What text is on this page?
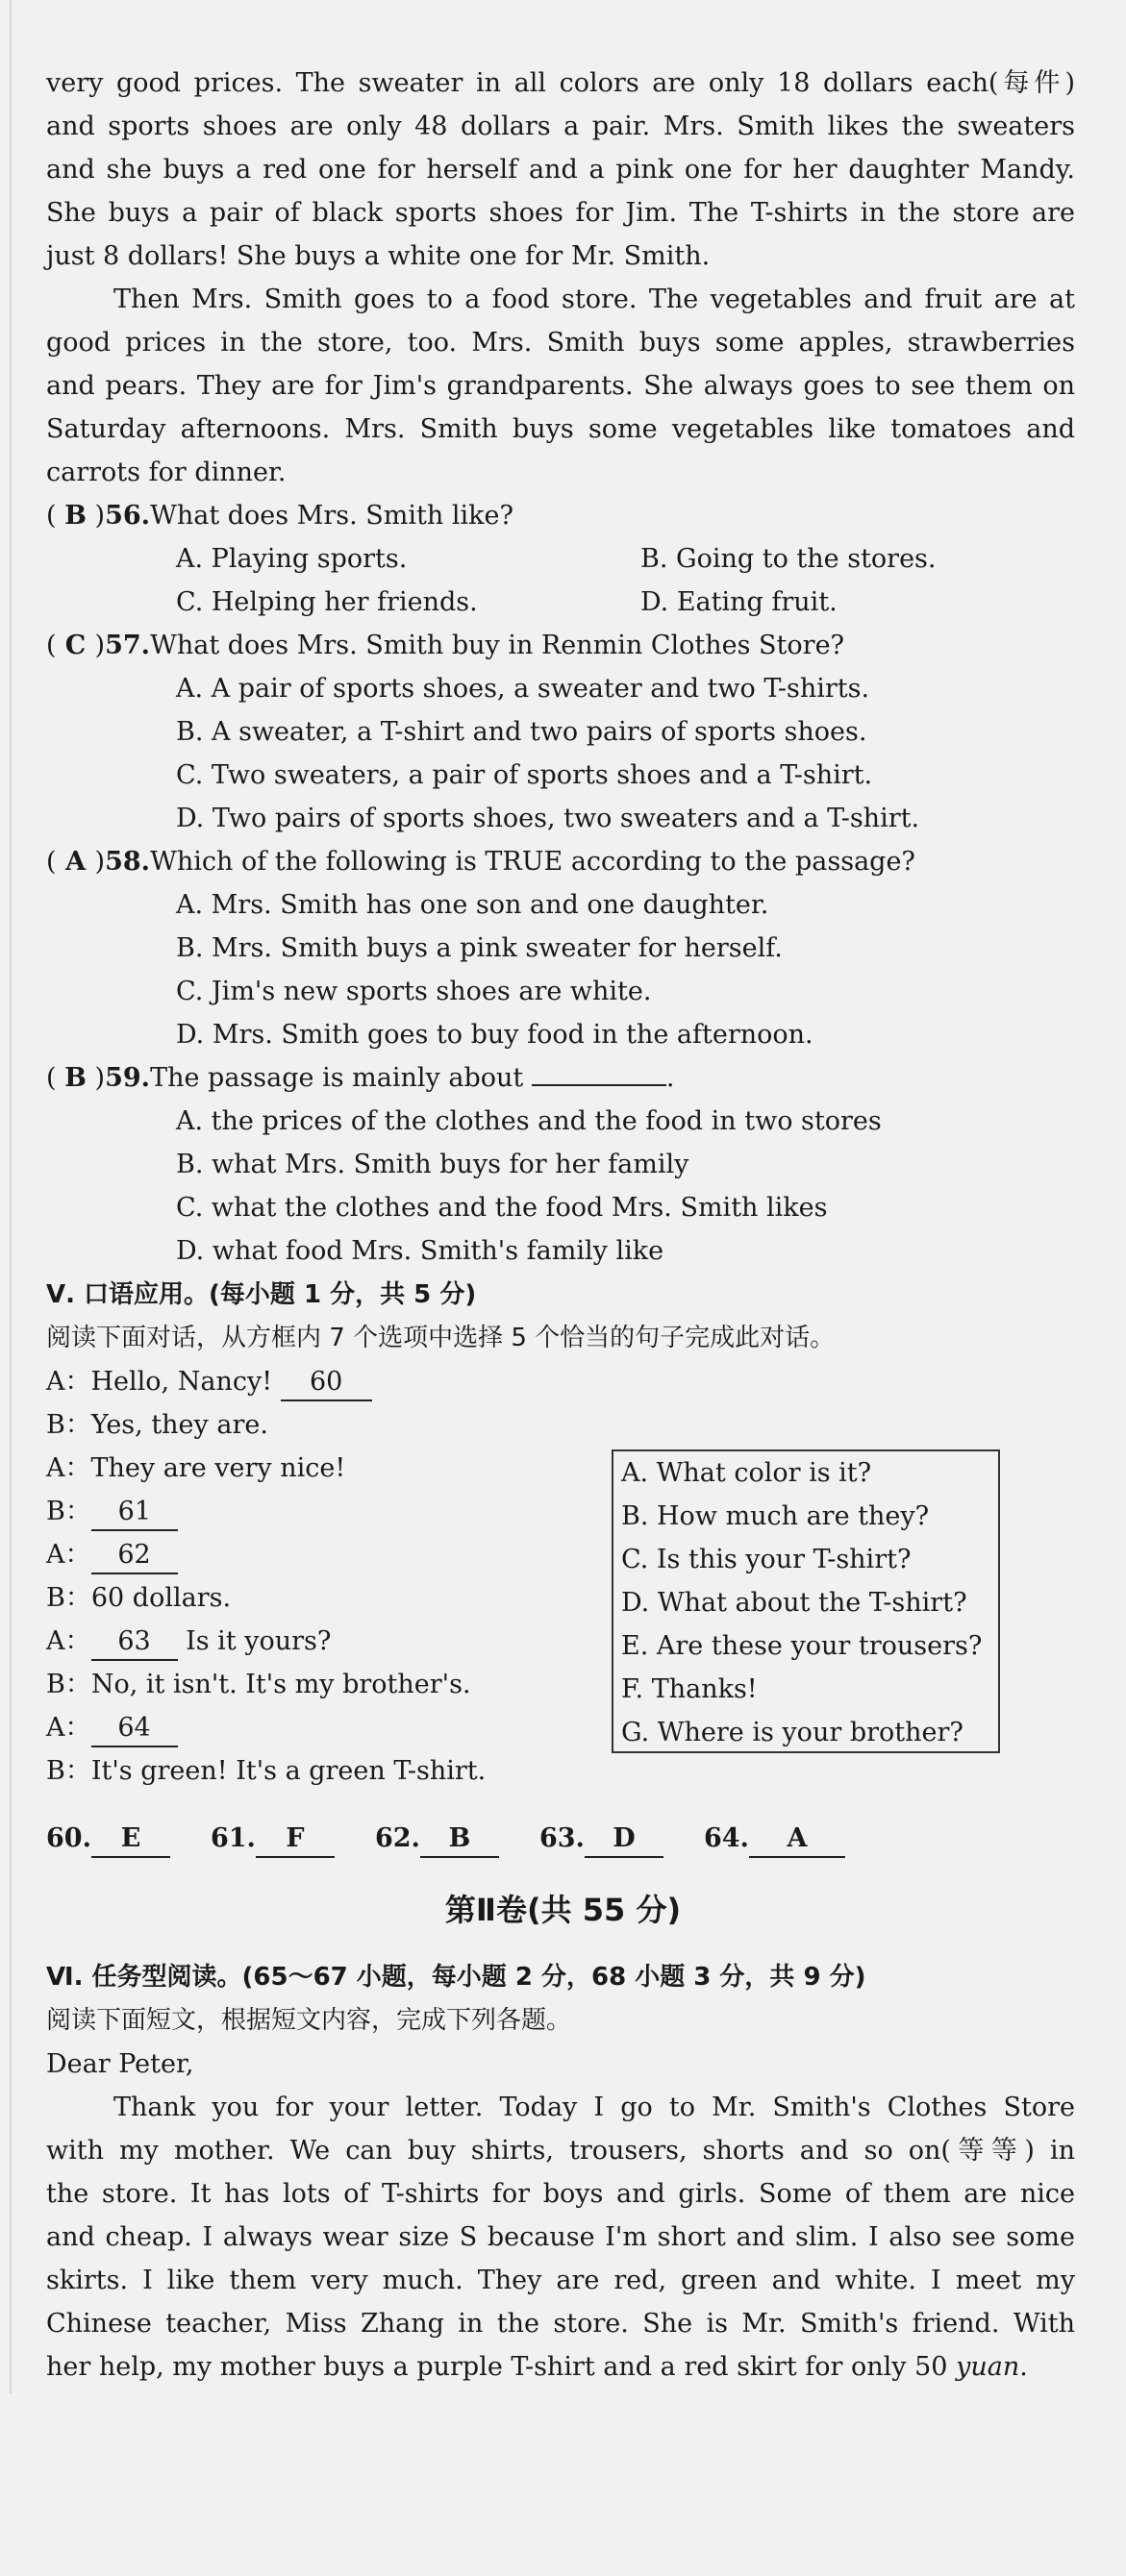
very good prices. The sweater in all colors are only 18 dollars each(每件)
and sports shoes are only 48 dollars a pair. Mrs. Smith likes the sweaters
and she buys a red one for herself and a pink one for her daughter Mandy.
She buys a pair of black sports shoes for Jim. The T-shirts in the store are
just 8 dollars! She buys a white one for Mr. Smith.
Then Mrs. Smith goes to a food store. The vegetables and fruit are at
good prices in the store, too. Mrs. Smith buys some apples, strawberries
and pears. They are for Jim's grandparents. She always goes to see them on
Saturday afternoons. Mrs. Smith buys some vegetables like tomatoes and
carrots for dinner.
( B )56.What does Mrs. Smith like?
A. Playing sports.	B. Going to the stores.
C. Helping her friends.	D. Eating fruit.
( C )57.What does Mrs. Smith buy in Renmin Clothes Store?
A. A pair of sports shoes, a sweater and two T-shirts.
B. A sweater, a T-shirt and two pairs of sports shoes.
C. Two sweaters, a pair of sports shoes and a T-shirt.
D. Two pairs of sports shoes, two sweaters and a T-shirt.
( A )58.Which of the following is TRUE according to the passage?
A. Mrs. Smith has one son and one daughter.
B. Mrs. Smith buys a pink sweater for herself.
C. Jim's new sports shoes are white.
D. Mrs. Smith goes to buy food in the afternoon.
( B )59.The passage is mainly about	.
A. the prices of the clothes and the food in two stores
B. what Mrs. Smith buys for her family
C. what the clothes and the food Mrs. Smith likes
D. what food Mrs. Smith's family like
Ⅴ. 口语应用。(每小题 1 分，共 5 分)
阅读下面对话，从方框内 7 个选项中选择 5 个恰当的句子完成此对话。
A：Hello, Nancy! 60
B：Yes, they are.
A：They are very nice!
B： 61
A： 62
B：60 dollars.
A： 63 Is it yours?
B：No, it isn't. It's my brother's.
A： 64
B：It's green! It's a green T-shirt.
A. What color is it?
B. How much are they?
C. Is this your T-shirt?
D. What about the T-shirt?
E. Are these your trousers?
F. Thanks!
G. Where is your brother?
60. E	61. F	62. B	63. D	64. A
第Ⅱ卷(共 55 分)
Ⅵ. 任务型阅读。(65～67 小题，每小题 2 分，68 小题 3 分，共 9 分)
阅读下面短文，根据短文内容，完成下列各题。
Dear Peter,
Thank you for your letter. Today I go to Mr. Smith's Clothes Store
with my mother. We can buy shirts, trousers, shorts and so on(等等) in
the store. It has lots of T-shirts for boys and girls. Some of them are nice
and cheap. I always wear size S because I'm short and slim. I also see some
skirts. I like them very much. They are red, green and white. I meet my
Chinese teacher, Miss Zhang in the store. She is Mr. Smith's friend. With
her help, my mother buys a purple T-shirt and a red skirt for only 50 yuan.
